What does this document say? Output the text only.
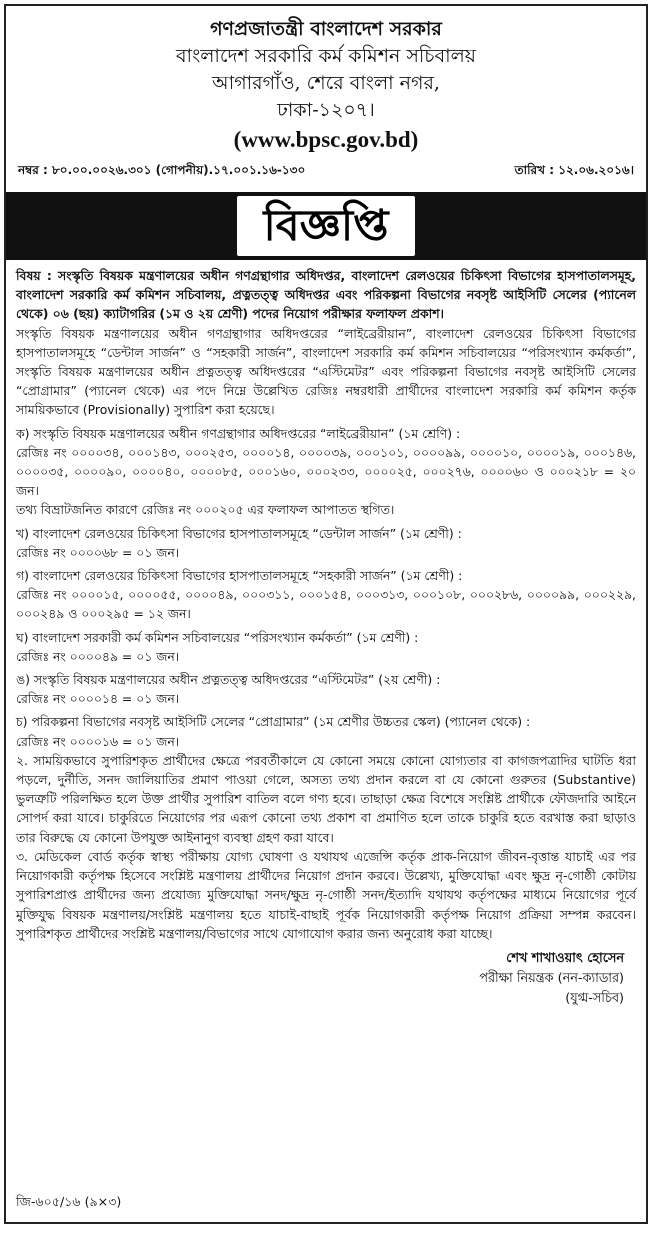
গণপ্রজাতন্ত্রী বাংলাদেশ সরকার
বাংলাদেশ সরকারি কর্ম কমিশন সচিবালয়
আগারগাঁও, শেরে বাংলা নগর,
ঢাকা-১২০৭।
(www.bpsc.gov.bd)
নম্বর : ৮০.০০.০০২৬.৩০১ (গোপনীয়).১৭.০০১.১৬-১৩০	তারিখ : ১২.০৬.২০১৬।
বিজ্ঞপ্তি

বিষয় : সংস্কৃতি বিষয়ক মন্ত্রণালয়ের অধীন গণগ্রন্থাগার অধিদপ্তর, বাংলাদেশ রেলওয়ের চিকিৎসা বিভাগের হাসপাতালসমূহ, বাংলাদেশ সরকারি কর্ম কমিশন সচিবালয়, প্রত্নতত্ত্ব অধিদপ্তর এবং পরিকল্পনা বিভাগের নবসৃষ্ট আইসিটি সেলের (প্যানেল থেকে) ০৬ (ছয়) ক্যাটাগরির (১ম ও ২য় শ্রেণী) পদের নিয়োগ পরীক্ষার ফলাফল প্রকাশ।

সংস্কৃতি বিষয়ক মন্ত্রণালয়ের অধীন গণগ্রন্থাগার অধিদপ্তরের “লাইব্রেরীয়ান”, বাংলাদেশ রেলওয়ের চিকিৎসা বিভাগের হাসপাতালসমূহে “ডেন্টাল সার্জন” ও “সহকারী সার্জন”, বাংলাদেশ সরকারি কর্ম কমিশন সচিবালয়ের “পরিসংখ্যান কর্মকর্তা”, সংস্কৃতি বিষয়ক মন্ত্রণালয়ের অধীন প্রত্নতত্ত্ব অধিদপ্তরের “এস্টিমেটর” এবং পরিকল্পনা বিভাগের নবসৃষ্ট আইসিটি সেলের “প্রোগ্রামার” (প্যানেল থেকে) এর পদে নিম্নে উল্লেখিত রেজিঃ নম্বরধারী প্রার্থীদের বাংলাদেশ সরকারি কর্ম কমিশন কর্তৃক সাময়িকভাবে (Provisionally) সুপারিশ করা হয়েছে।

ক) সংস্কৃতি বিষয়ক মন্ত্রণালয়ের অধীন গণগ্রন্থাগার অধিদপ্তরের “লাইব্রেরীয়ান” (১ম শ্রেণি) :

রেজিঃ নং ০০০০৩৪, ০০০১৪৩, ০০০২৫৩, ০০০০১৪, ০০০০৩৯, ০০০১০১, ০০০০৯৯, ০০০০১০, ০০০০১৯, ০০০১৪৬, ০০০০৩৫, ০০০০৯০, ০০০০৪০, ০০০০৮৫, ০০০১৬০, ০০০২৩৩, ০০০০২৫, ০০০২৭৬, ০০০০৬০ ও ০০০২১৮ = ২০ জন।

তথ্য বিভ্রাটজনিত কারণে রেজিঃ নং ০০০২০৫ এর ফলাফল আপাতত স্থগিত।

খ) বাংলাদেশ রেলওয়ের চিকিৎসা বিভাগের হাসপাতালসমূহে “ডেন্টাল সার্জন” (১ম শ্রেণী) :

রেজিঃ নং ০০০০৬৮ = ০১ জন।

গ) বাংলাদেশ রেলওয়ের চিকিৎসা বিভাগের হাসপাতালসমূহে “সহকারী সার্জন” (১ম শ্রেণী) :

রেজিঃ নং ০০০০১৫, ০০০০৫৫, ০০০০৪৯, ০০০৩১১, ০০০১৫৪, ০০০৩১৩, ০০০১০৮, ০০০২৮৬, ০০০০৯৯, ০০০২২৯, ০০০২৪৯ ও ০০০২৯৫ = ১২ জন।

ঘ) বাংলাদেশ সরকারী কর্ম কমিশন সচিবালয়ের “পরিসংখ্যান কর্মকর্তা” (১ম শ্রেণী) :

রেজিঃ নং ০০০০৪৯ = ০১ জন।

ঙ) সংস্কৃতি বিষয়ক মন্ত্রণালয়ের অধীন প্রত্নতত্ত্ব অধিদপ্তরের “এস্টিমেটর” (২য় শ্রেণী) :

রেজিঃ নং ০০০০১৪ = ০১ জন।

চ) পরিকল্পনা বিভাগের নবসৃষ্ট আইসিটি সেলের “প্রোগ্রামার” (১ম শ্রেণীর উচ্চতর স্কেল) (প্যানেল থেকে) :

রেজিঃ নং ০০০০১৬ = ০১ জন।

২. সাময়িকভাবে সুপারিশকৃত প্রার্থীদের ক্ষেত্রে পরবর্তীকালে যে কোনো সময়ে কোনো যোগ্যতার বা কাগজপত্রাদির ঘাটতি ধরা পড়লে, দুর্নীতি, সনদ জালিয়াতির প্রমাণ পাওয়া গেলে, অসত্য তথ্য প্রদান করলে বা যে কোনো গুরুতর (Substantive) ভুলত্রুটি পরিলক্ষিত হলে উক্ত প্রার্থীর সুপারিশ বাতিল বলে গণ্য হবে। তাছাড়া ক্ষেত্র বিশেষে সংশ্লিষ্ট প্রার্থীকে ফৌজদারি আইনে সোপর্দ করা যাবে। চাকুরিতে নিয়োগের পর এরূপ কোনো তথ্য প্রকাশ বা প্রমাণিত হলে তাকে চাকুরি হতে বরখাস্ত করা ছাড়াও তার বিরুদ্ধে যে কোনো উপযুক্ত আইনানুগ ব্যবস্থা গ্রহণ করা যাবে।

৩. মেডিকেল বোর্ড কর্তৃক স্বাস্থ্য পরীক্ষায় যোগ্য ঘোষণা ও যথাযথ এজেন্সি কর্তৃক প্রাক-নিয়োগ জীবন-বৃত্তান্ত যাচাই এর পর নিয়োগকারী কর্তৃপক্ষ হিসেবে সংশ্লিষ্ট মন্ত্রণালয় প্রার্থীদের নিয়োগ প্রদান করবে। উল্লেখ্য, মুক্তিযোদ্ধা এবং ক্ষুদ্র নৃ-গোষ্ঠী কোটায় সুপারিশপ্রাপ্ত প্রার্থীদের জন্য প্রযোজ্য মুক্তিযোদ্ধা সনদ/ক্ষুদ্র নৃ-গোষ্ঠী সনদ/ইত্যাদি যথাযথ কর্তৃপক্ষের মাধ্যমে নিয়োগের পূর্বে মুক্তিযুদ্ধ বিষয়ক মন্ত্রণালয়/সংশ্লিষ্ট মন্ত্রণালয় হতে যাচাই-বাছাই পূর্বক নিয়োগকারী কর্তৃপক্ষ নিয়োগ প্রক্রিয়া সম্পন্ন করবেন। সুপারিশকৃত প্রার্থীদের সংশ্লিষ্ট মন্ত্রণালয়/বিভাগের সাথে যোগাযোগ করার জন্য অনুরোধ করা যাচ্ছে।

শেখ শাখাওয়াৎ হোসেন
পরীক্ষা নিয়ন্ত্রক (নন-ক্যাডার)
(যুগ্ম-সচিব)
জি-৬০৫/১৬ (৯×৩)
